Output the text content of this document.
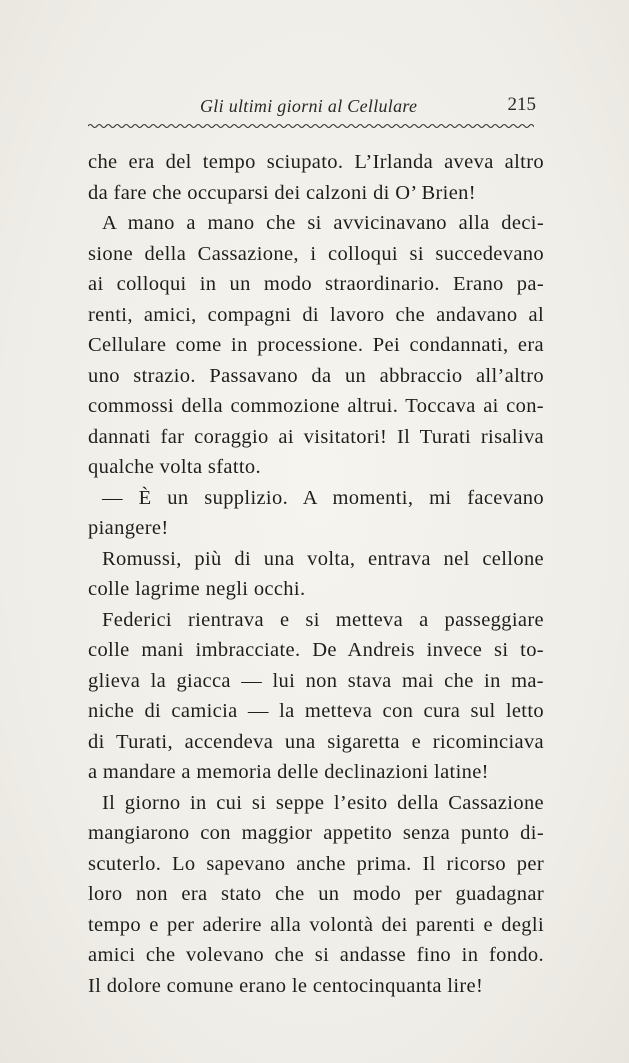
Gli ultimi giorni al Cellulare	215
che era del tempo sciupato. L’Irlanda aveva altro
da fare che occuparsi dei calzoni di O’ Brien!
A mano a mano che si avvicinavano alla deci-
sione della Cassazione, i colloqui si succedevano
ai colloqui in un modo straordinario. Erano pa-
renti, amici, compagni di lavoro che andavano al
Cellulare come in processione. Pei condannati, era
uno strazio. Passavano da un abbraccio all’altro
commossi della commozione altrui. Toccava ai con-
dannati far coraggio ai visitatori! Il Turati risaliva
qualche volta sfatto.
— È un supplizio. A momenti, mi facevano
piangere!
Romussi, più di una volta, entrava nel cellone
colle lagrime negli occhi.
Federici rientrava e si metteva a passeggiare
colle mani imbracciate. De Andreis invece si to-
glieva la giacca — lui non stava mai che in ma-
niche di camicia — la metteva con cura sul letto
di Turati, accendeva una sigaretta e ricominciava
a mandare a memoria delle declinazioni latine!
Il giorno in cui si seppe l’esito della Cassazione
mangiarono con maggior appetito senza punto di-
scuterlo. Lo sapevano anche prima. Il ricorso per
loro non era stato che un modo per guadagnar
tempo e per aderire alla volontà dei parenti e degli
amici che volevano che si andasse fino in fondo.
Il dolore comune erano le centocinquanta lire!
